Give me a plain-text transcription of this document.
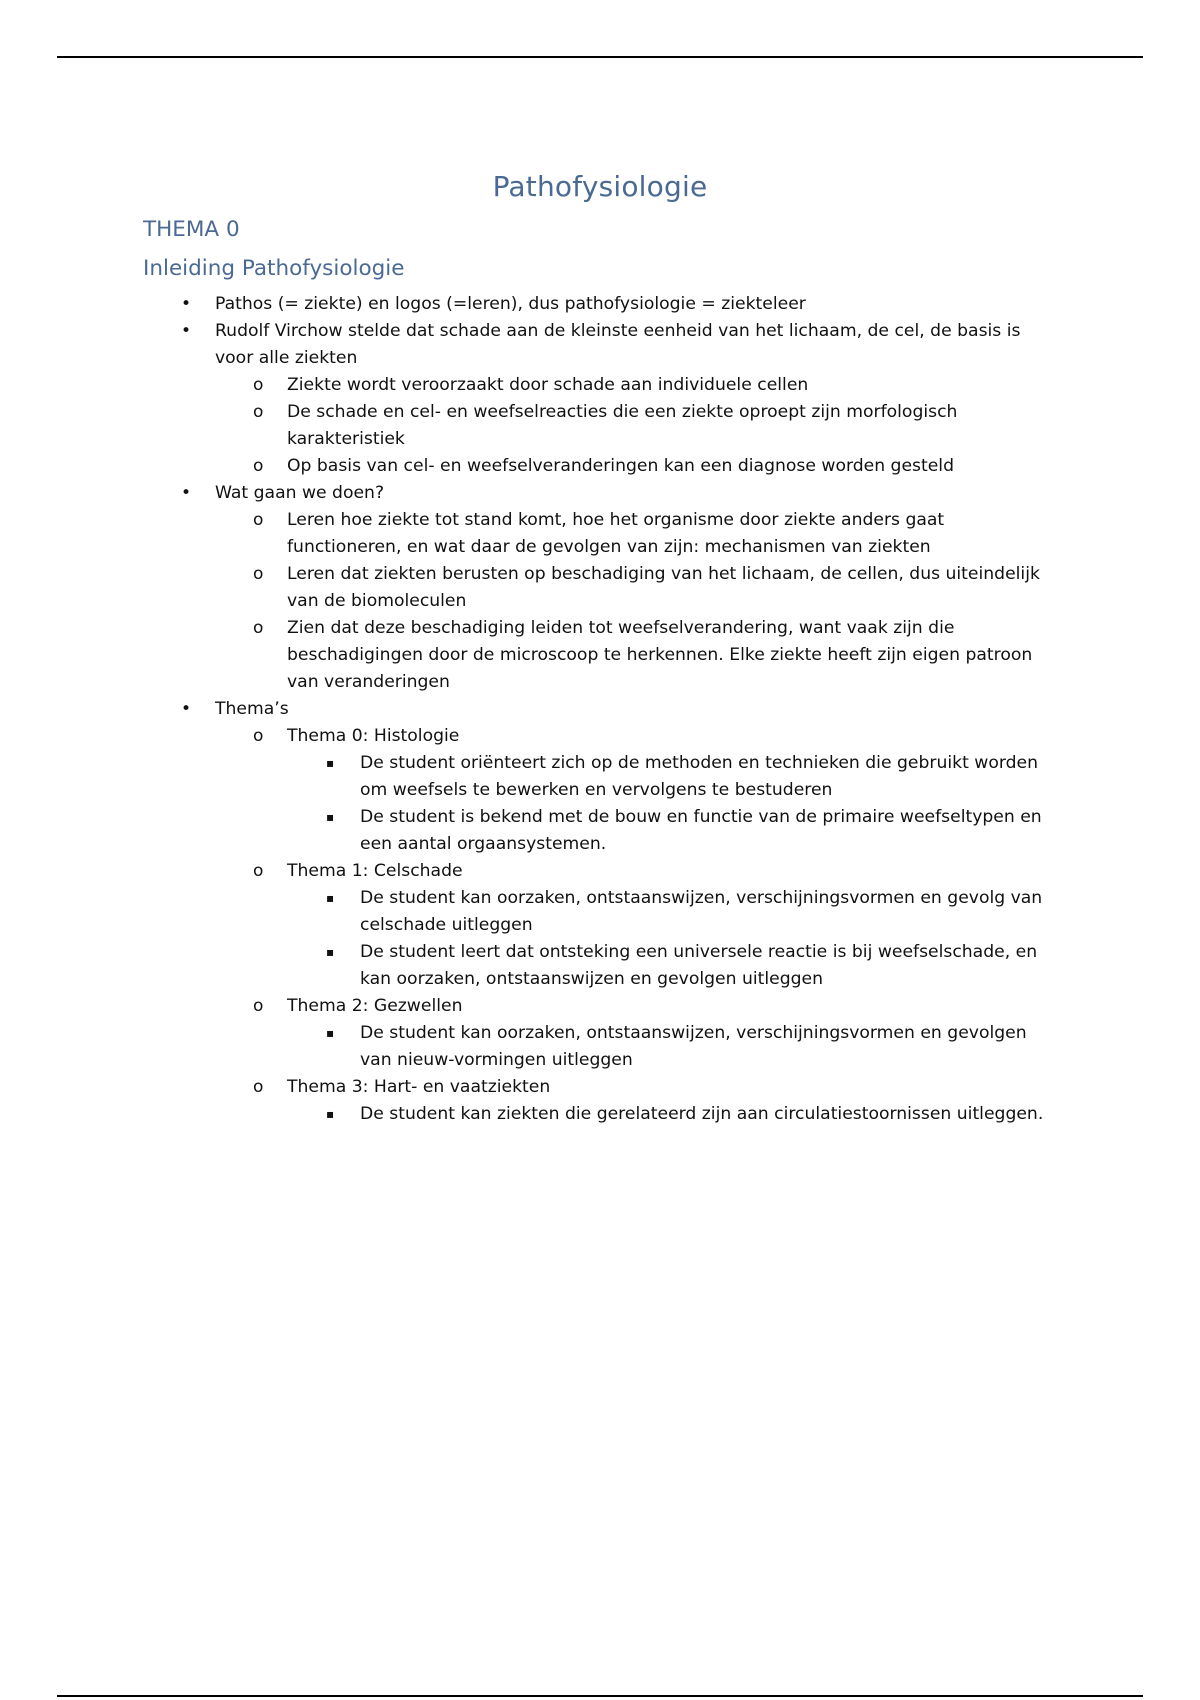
Pathofysiologie
THEMA 0
Inleiding Pathofysiologie
• Pathos (= ziekte) en logos (=leren), dus pathofysiologie = ziekteleer
• Rudolf Virchow stelde dat schade aan de kleinste eenheid van het lichaam, de cel, de basis is voor alle ziekten
o Ziekte wordt veroorzaakt door schade aan individuele cellen
o De schade en cel- en weefselreacties die een ziekte oproept zijn morfologisch karakteristiek
o Op basis van cel- en weefselveranderingen kan een diagnose worden gesteld
• Wat gaan we doen?
o Leren hoe ziekte tot stand komt, hoe het organisme door ziekte anders gaat functioneren, en wat daar de gevolgen van zijn: mechanismen van ziekten
o Leren dat ziekten berusten op beschadiging van het lichaam, de cellen, dus uiteindelijk van de biomoleculen
o Zien dat deze beschadiging leiden tot weefselverandering, want vaak zijn die beschadigingen door de microscoop te herkennen. Elke ziekte heeft zijn eigen patroon van veranderingen
• Thema’s
o Thema 0: Histologie
▪ De student oriënteert zich op de methoden en technieken die gebruikt worden om weefsels te bewerken en vervolgens te bestuderen
▪ De student is bekend met de bouw en functie van de primaire weefseltypen en een aantal orgaansystemen.
o Thema 1: Celschade
▪ De student kan oorzaken, ontstaanswijzen, verschijningsvormen en gevolg van celschade uitleggen
▪ De student leert dat ontsteking een universele reactie is bij weefselschade, en kan oorzaken, ontstaanswijzen en gevolgen uitleggen
o Thema 2: Gezwellen
▪ De student kan oorzaken, ontstaanswijzen, verschijningsvormen en gevolgen van nieuw-vormingen uitleggen
o Thema 3: Hart- en vaatziekten
▪ De student kan ziekten die gerelateerd zijn aan circulatiestoornissen uitleggen.
